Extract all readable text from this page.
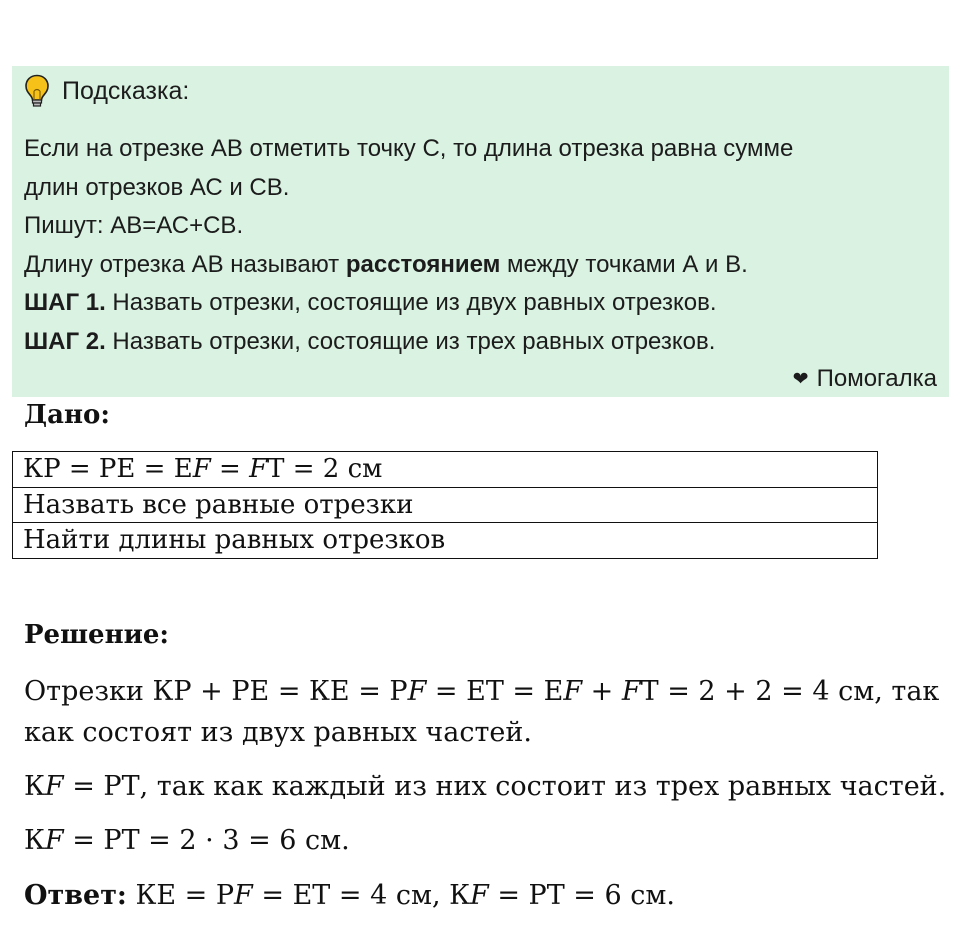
Подсказка:
Если на отрезке АВ отметить точку С, то длина отрезка равна сумме
длин отрезков АС и СВ.
Пишут: АВ=АС+СВ.
Длину отрезка АВ называют расстоянием между точками А и В.
ШАГ 1. Назвать отрезки, состоящие из двух равных отрезков.
ШАГ 2. Назвать отрезки, состоящие из трех равных отрезков.
❤ Помогалка
Дано:
КР = РЕ = ЕF = FТ = 2 см
Назвать все равные отрезки
Найти длины равных отрезков
Решение:
Отрезки КР + РЕ = КЕ = РF = ЕТ = ЕF + FТ = 2 + 2 = 4 см, так
как состоят из двух равных частей.
КF = РТ, так как каждый из них состоит из трех равных частей.
КF = РТ = 2 · 3 = 6 см.
Ответ: КЕ = РF = ЕТ = 4 см, КF = РТ = 6 см.
